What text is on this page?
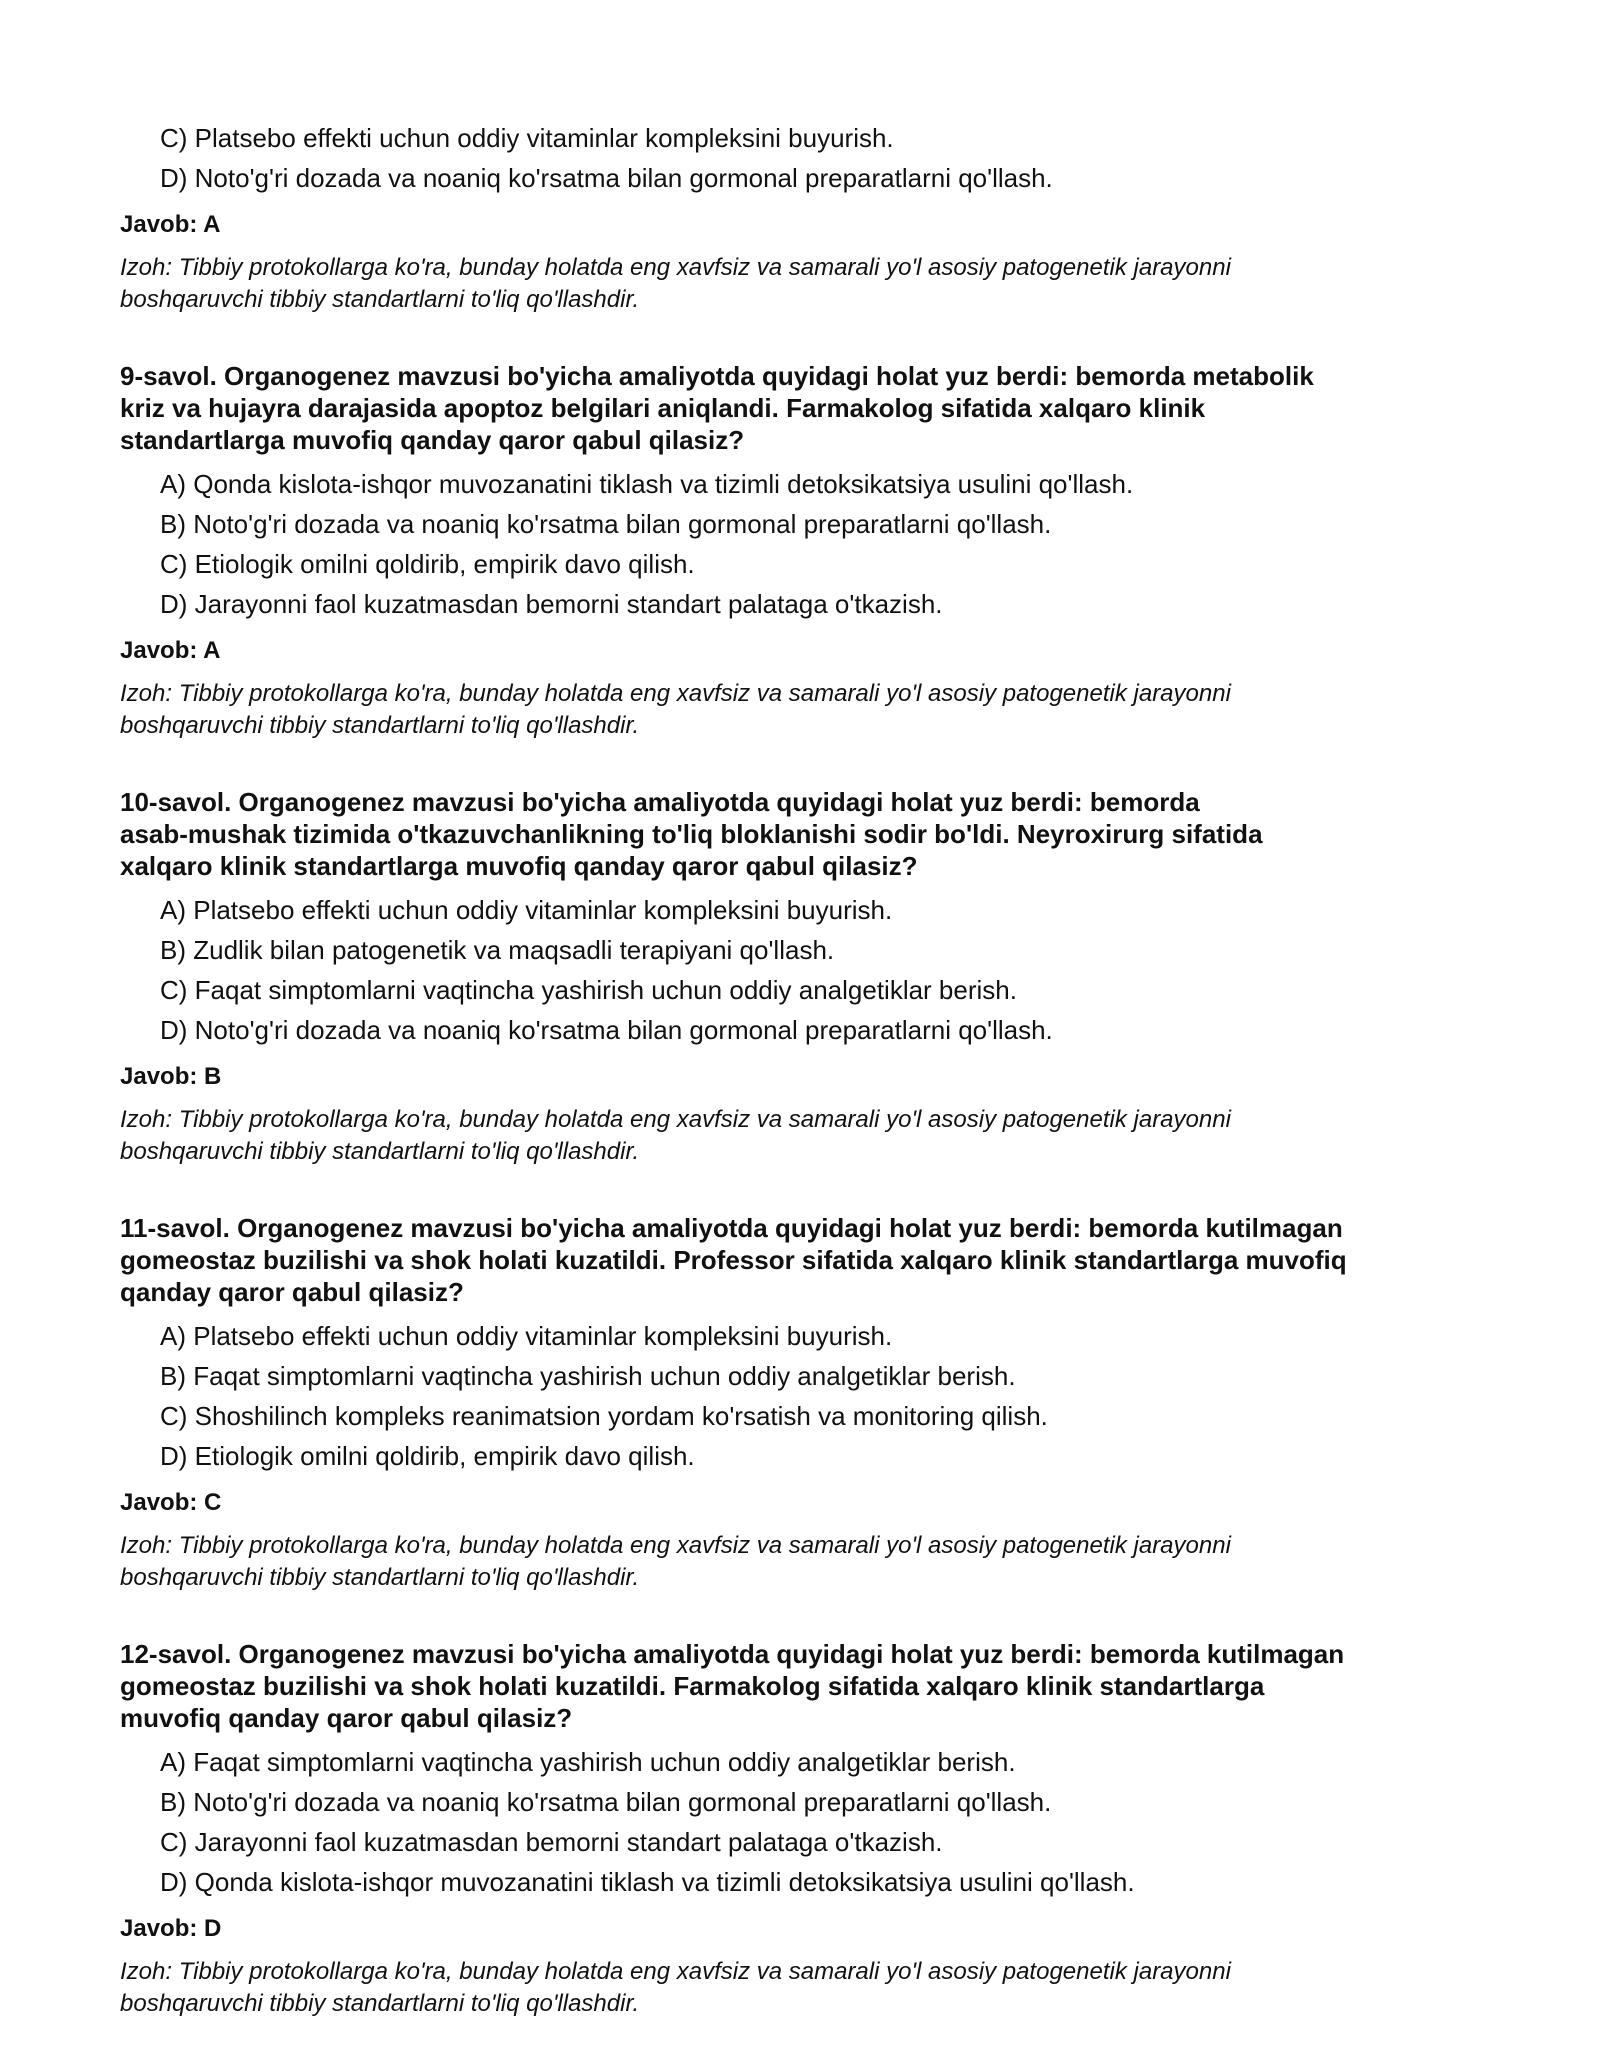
C) Platsebo effekti uchun oddiy vitaminlar kompleksini buyurish.
D) Noto'g'ri dozada va noaniq ko'rsatma bilan gormonal preparatlarni qo'llash.
Javob: A
Izoh: Tibbiy protokollarga ko'ra, bunday holatda eng xavfsiz va samarali yo'l asosiy patogenetik jarayonni
boshqaruvchi tibbiy standartlarni to'liq qo'llashdir.
9-savol. Organogenez mavzusi bo'yicha amaliyotda quyidagi holat yuz berdi: bemorda metabolik
kriz va hujayra darajasida apoptoz belgilari aniqlandi. Farmakolog sifatida xalqaro klinik
standartlarga muvofiq qanday qaror qabul qilasiz?
A) Qonda kislota-ishqor muvozanatini tiklash va tizimli detoksikatsiya usulini qo'llash.
B) Noto'g'ri dozada va noaniq ko'rsatma bilan gormonal preparatlarni qo'llash.
C) Etiologik omilni qoldirib, empirik davo qilish.
D) Jarayonni faol kuzatmasdan bemorni standart palataga o'tkazish.
Javob: A
Izoh: Tibbiy protokollarga ko'ra, bunday holatda eng xavfsiz va samarali yo'l asosiy patogenetik jarayonni
boshqaruvchi tibbiy standartlarni to'liq qo'llashdir.
10-savol. Organogenez mavzusi bo'yicha amaliyotda quyidagi holat yuz berdi: bemorda
asab-mushak tizimida o'tkazuvchanlikning to'liq bloklanishi sodir bo'ldi. Neyroxirurg sifatida
xalqaro klinik standartlarga muvofiq qanday qaror qabul qilasiz?
A) Platsebo effekti uchun oddiy vitaminlar kompleksini buyurish.
B) Zudlik bilan patogenetik va maqsadli terapiyani qo'llash.
C) Faqat simptomlarni vaqtincha yashirish uchun oddiy analgetiklar berish.
D) Noto'g'ri dozada va noaniq ko'rsatma bilan gormonal preparatlarni qo'llash.
Javob: B
Izoh: Tibbiy protokollarga ko'ra, bunday holatda eng xavfsiz va samarali yo'l asosiy patogenetik jarayonni
boshqaruvchi tibbiy standartlarni to'liq qo'llashdir.
11-savol. Organogenez mavzusi bo'yicha amaliyotda quyidagi holat yuz berdi: bemorda kutilmagan
gomeostaz buzilishi va shok holati kuzatildi. Professor sifatida xalqaro klinik standartlarga muvofiq
qanday qaror qabul qilasiz?
A) Platsebo effekti uchun oddiy vitaminlar kompleksini buyurish.
B) Faqat simptomlarni vaqtincha yashirish uchun oddiy analgetiklar berish.
C) Shoshilinch kompleks reanimatsion yordam ko'rsatish va monitoring qilish.
D) Etiologik omilni qoldirib, empirik davo qilish.
Javob: C
Izoh: Tibbiy protokollarga ko'ra, bunday holatda eng xavfsiz va samarali yo'l asosiy patogenetik jarayonni
boshqaruvchi tibbiy standartlarni to'liq qo'llashdir.
12-savol. Organogenez mavzusi bo'yicha amaliyotda quyidagi holat yuz berdi: bemorda kutilmagan
gomeostaz buzilishi va shok holati kuzatildi. Farmakolog sifatida xalqaro klinik standartlarga
muvofiq qanday qaror qabul qilasiz?
A) Faqat simptomlarni vaqtincha yashirish uchun oddiy analgetiklar berish.
B) Noto'g'ri dozada va noaniq ko'rsatma bilan gormonal preparatlarni qo'llash.
C) Jarayonni faol kuzatmasdan bemorni standart palataga o'tkazish.
D) Qonda kislota-ishqor muvozanatini tiklash va tizimli detoksikatsiya usulini qo'llash.
Javob: D
Izoh: Tibbiy protokollarga ko'ra, bunday holatda eng xavfsiz va samarali yo'l asosiy patogenetik jarayonni
boshqaruvchi tibbiy standartlarni to'liq qo'llashdir.
